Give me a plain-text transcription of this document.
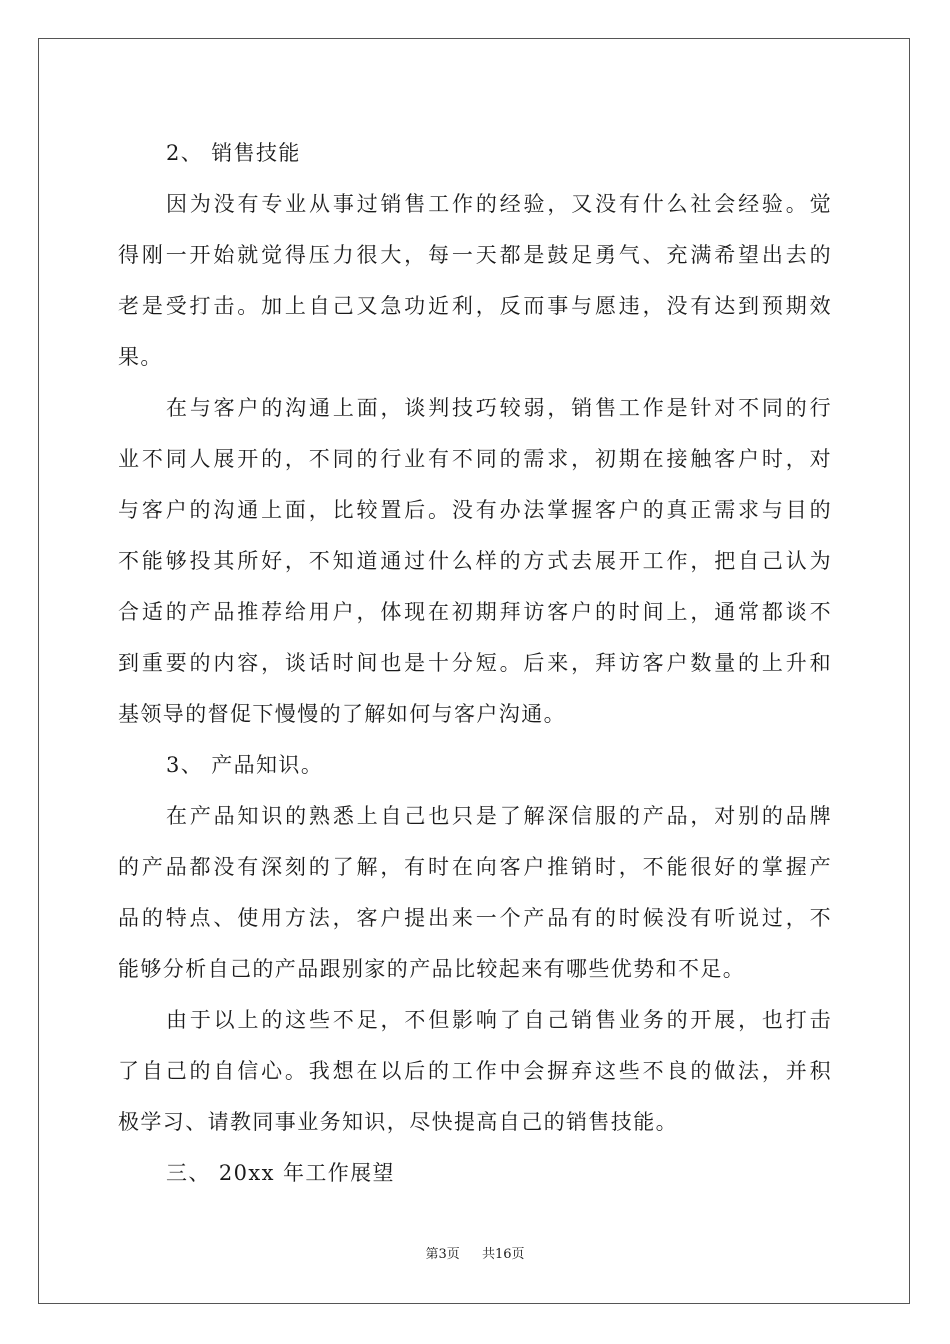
2、 销售技能
因为没有专业从事过销售工作的经验，又没有什么社会经验。觉
得刚一开始就觉得压力很大，每一天都是鼓足勇气、充满希望出去的
老是受打击。加上自己又急功近利，反而事与愿违，没有达到预期效
果。
在与客户的沟通上面，谈判技巧较弱，销售工作是针对不同的行
业不同人展开的，不同的行业有不同的需求，初期在接触客户时，对
与客户的沟通上面，比较置后。没有办法掌握客户的真正需求与目的
不能够投其所好，不知道通过什么样的方式去展开工作，把自己认为
合适的产品推荐给用户，体现在初期拜访客户的时间上，通常都谈不
到重要的内容，谈话时间也是十分短。后来，拜访客户数量的上升和
基领导的督促下慢慢的了解如何与客户沟通。
3、 产品知识。
在产品知识的熟悉上自己也只是了解深信服的产品，对别的品牌
的产品都没有深刻的了解，有时在向客户推销时，不能很好的掌握产
品的特点、使用方法，客户提出来一个产品有的时候没有听说过，不
能够分析自己的产品跟别家的产品比较起来有哪些优势和不足。
由于以上的这些不足，不但影响了自己销售业务的开展，也打击
了自己的自信心。我想在以后的工作中会摒弃这些不良的做法，并积
极学习、请教同事业务知识，尽快提高自己的销售技能。
三、 20xx 年工作展望
第3页 共16页
